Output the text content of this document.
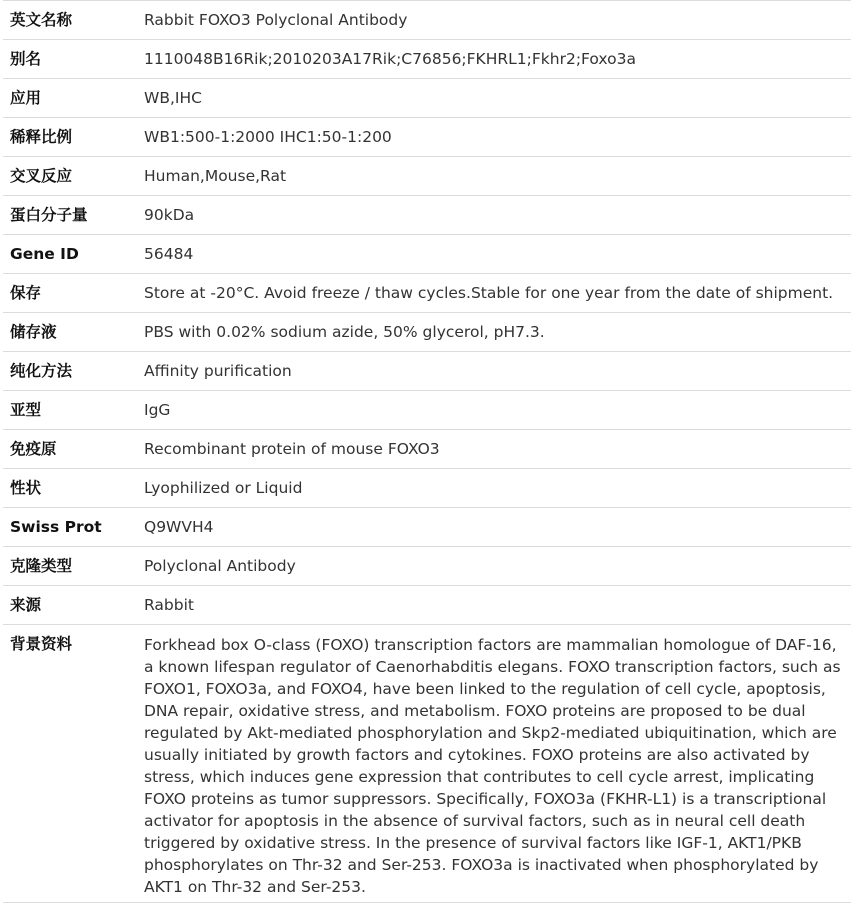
英文名称	Rabbit FOXO3 Polyclonal Antibody
别名	1110048B16Rik;2010203A17Rik;C76856;FKHRL1;Fkhr2;Foxo3a
应用	WB,IHC
稀释比例	WB1:500-1:2000 IHC1:50-1:200
交叉反应	Human,Mouse,Rat
蛋白分子量	90kDa
Gene ID	56484
保存	Store at -20°C. Avoid freeze / thaw cycles.Stable for one year from the date of shipment.
储存液	PBS with 0.02% sodium azide, 50% glycerol, pH7.3.
纯化方法	Affinity purification
亚型	IgG
免疫原	Recombinant protein of mouse FOXO3
性状	Lyophilized or Liquid
Swiss Prot	Q9WVH4
克隆类型	Polyclonal Antibody
来源	Rabbit
背景资料	Forkhead box O-class (FOXO) transcription factors are mammalian homologue of DAF-16, a known lifespan regulator of Caenorhabditis elegans. FOXO transcription factors, such as FOXO1, FOXO3a, and FOXO4, have been linked to the regulation of cell cycle, apoptosis, DNA repair, oxidative stress, and metabolism. FOXO proteins are proposed to be dual regulated by Akt-mediated phosphorylation and Skp2-mediated ubiquitination, which are usually initiated by growth factors and cytokines. FOXO proteins are also activated by stress, which induces gene expression that contributes to cell cycle arrest, implicating FOXO proteins as tumor suppressors. Specifically, FOXO3a (FKHR-L1) is a transcriptional activator for apoptosis in the absence of survival factors, such as in neural cell death triggered by oxidative stress. In the presence of survival factors like IGF-1, AKT1/PKB phosphorylates on Thr-32 and Ser-253. FOXO3a is inactivated when phosphorylated by AKT1 on Thr-32 and Ser-253.
